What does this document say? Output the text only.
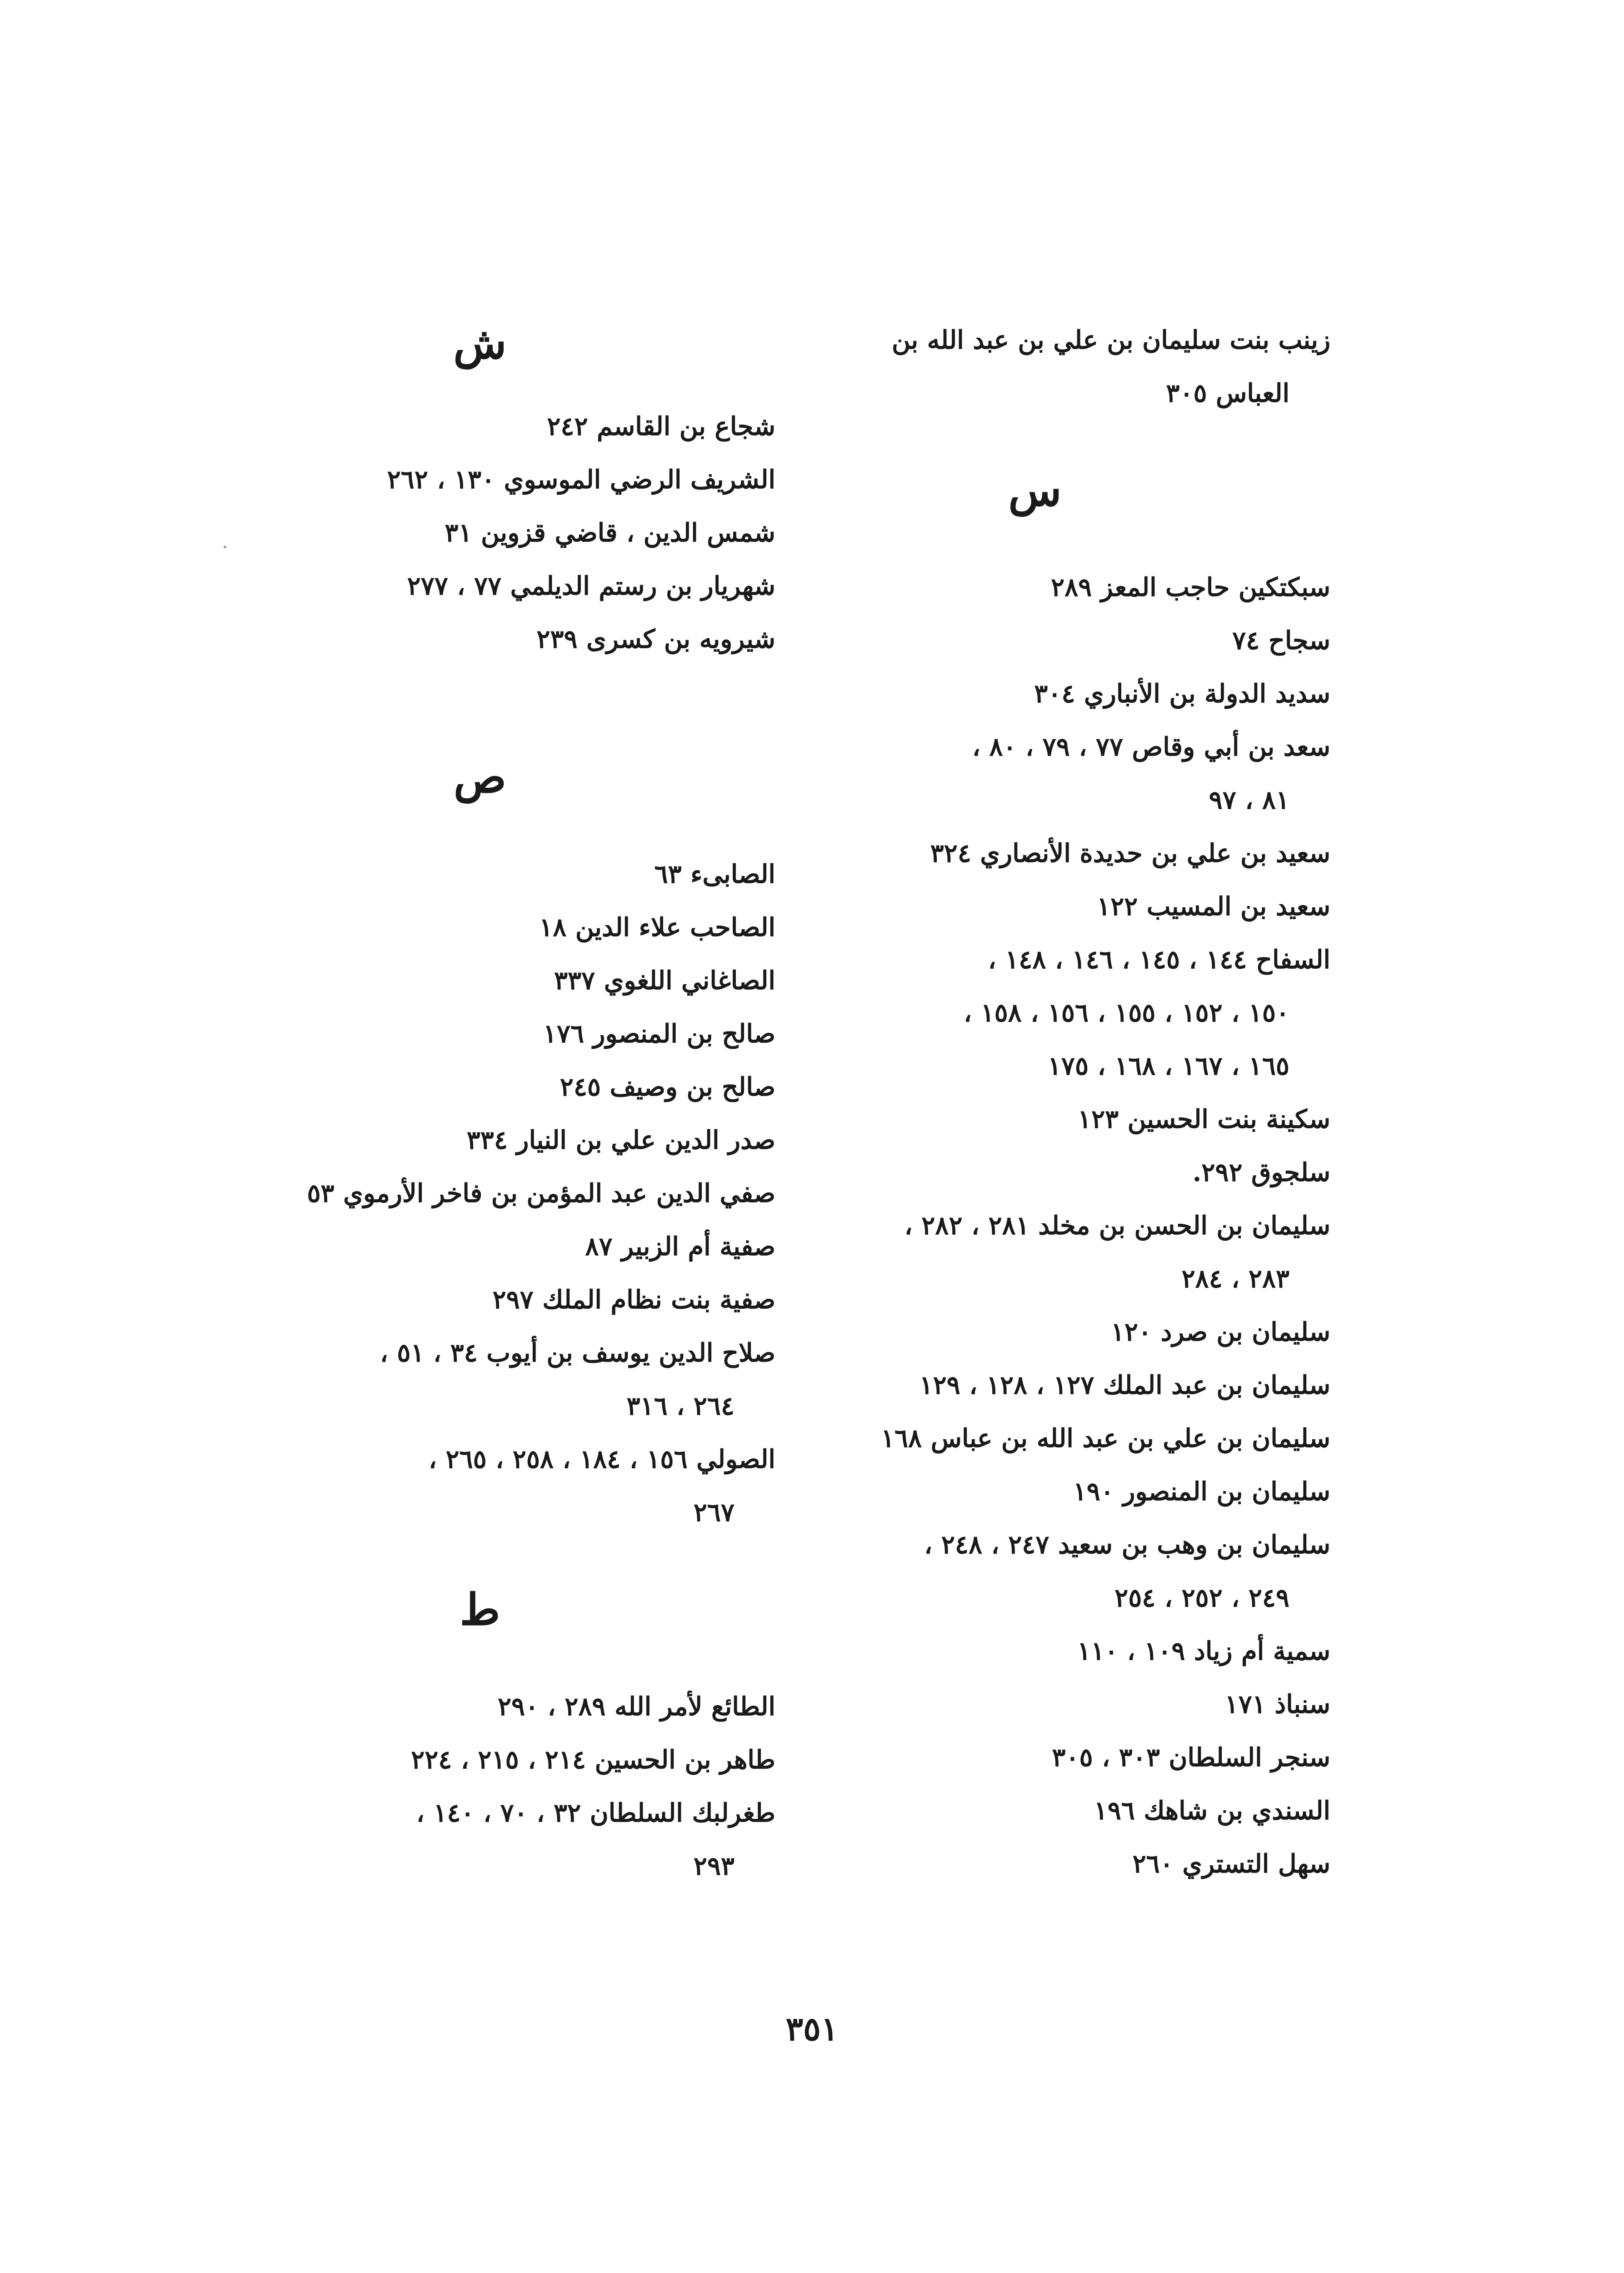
زينب بنت سليمان بن علي بن عبد الله بن
العباس ٣٠٥
س
سبكتكين حاجب المعز ٢٨٩
سجاح ٧٤
سديد الدولة بن الأنباري ٣٠٤
سعد بن أبي وقاص ٧٧ ، ٧٩ ، ٨٠ ،
٨١ ، ٩٧
سعيد بن علي بن حديدة الأنصاري ٣٢٤
سعيد بن المسيب ١٢٢
السفاح ١٤٤ ، ١٤٥ ، ١٤٦ ، ١٤٨ ،
١٥٠ ، ١٥٢ ، ١٥٥ ، ١٥٦ ، ١٥٨ ،
١٦٥ ، ١٦٧ ، ١٦٨ ، ١٧٥
سكينة بنت الحسين ١٢٣
سلجوق ٢٩٢.
سليمان بن الحسن بن مخلد ٢٨١ ، ٢٨٢ ،
٢٨٣ ، ٢٨٤
سليمان بن صرد ١٢٠
سليمان بن عبد الملك ١٢٧ ، ١٢٨ ، ١٢٩
سليمان بن علي بن عبد الله بن عباس ١٦٨
سليمان بن المنصور ١٩٠
سليمان بن وهب بن سعيد ٢٤٧ ، ٢٤٨ ،
٢٤٩ ، ٢٥٢ ، ٢٥٤
سمية أم زياد ١٠٩ ، ١١٠
سنباذ ١٧١
سنجر السلطان ٣٠٣ ، ٣٠٥
السندي بن شاهك ١٩٦
سهل التستري ٢٦٠
ش
شجاع بن القاسم ٢٤٢
الشريف الرضي الموسوي ١٣٠ ، ٢٦٢
شمس الدين ، قاضي قزوين ٣١
شهريار بن رستم الديلمي ٧٧ ، ٢٧٧
شيرويه بن كسرى ٢٣٩
ص
الصابىء ٦٣
الصاحب علاء الدين ١٨
الصاغاني اللغوي ٣٣٧
صالح بن المنصور ١٧٦
صالح بن وصيف ٢٤٥
صدر الدين علي بن النيار ٣٣٤
صفي الدين عبد المؤمن بن فاخر الأرموي ٥٣
صفية أم الزبير ٨٧
صفية بنت نظام الملك ٢٩٧
صلاح الدين يوسف بن أيوب ٣٤ ، ٥١ ،
٢٦٤ ، ٣١٦
الصولي ١٥٦ ، ١٨٤ ، ٢٥٨ ، ٢٦٥ ،
٢٦٧
ط
الطائع لأمر الله ٢٨٩ ، ٢٩٠
طاهر بن الحسين ٢١٤ ، ٢١٥ ، ٢٢٤
طغرلبك السلطان ٣٢ ، ٧٠ ، ١٤٠ ،
٢٩٣
٣٥١
